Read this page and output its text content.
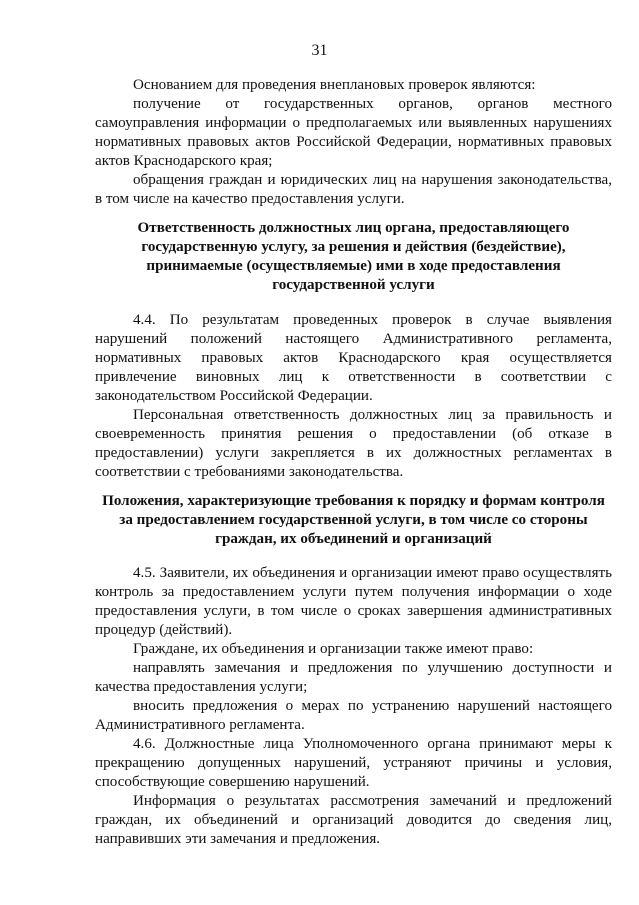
31
Основанием для проведения внеплановых проверок являются:
получение от государственных органов, органов местного
самоуправления информации о предполагаемых или выявленных нарушениях
нормативных правовых актов Российской Федерации, нормативных правовых
актов Краснодарского края;
обращения граждан и юридических лиц на нарушения законодательства,
в том числе на качество предоставления услуги.
Ответственность должностных лиц органа, предоставляющего
государственную услугу, за решения и действия (бездействие),
принимаемые (осуществляемые) ими в ходе предоставления
государственной услуги
4.4. По результатам проведенных проверок в случае выявления
нарушений положений настоящего Административного регламента,
нормативных правовых актов Краснодарского края осуществляется
привлечение виновных лиц к ответственности в соответствии с
законодательством Российской Федерации.
Персональная ответственность должностных лиц за правильность и
своевременность принятия решения о предоставлении (об отказе в
предоставлении) услуги закрепляется в их должностных регламентах в
соответствии с требованиями законодательства.
Положения, характеризующие требования к порядку и формам контроля
за предоставлением государственной услуги, в том числе со стороны
граждан, их объединений и организаций
4.5. Заявители, их объединения и организации имеют право осуществлять
контроль за предоставлением услуги путем получения информации о ходе
предоставления услуги, в том числе о сроках завершения административных
процедур (действий).
Граждане, их объединения и организации также имеют право:
направлять замечания и предложения по улучшению доступности и
качества предоставления услуги;
вносить предложения о мерах по устранению нарушений настоящего
Административного регламента.
4.6. Должностные лица Уполномоченного органа принимают меры к
прекращению допущенных нарушений, устраняют причины и условия,
способствующие совершению нарушений.
Информация о результатах рассмотрения замечаний и предложений
граждан, их объединений и организаций доводится до сведения лиц,
направивших эти замечания и предложения.
